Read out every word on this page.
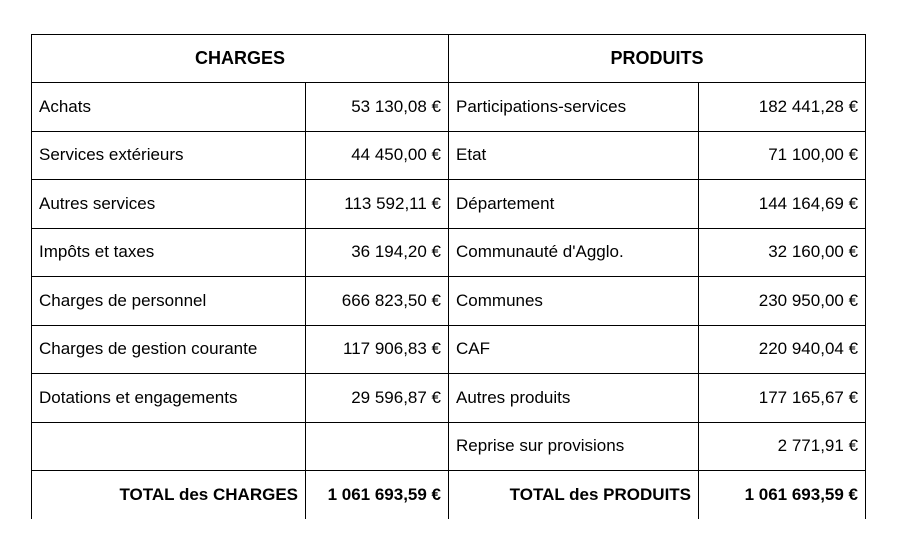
CHARGES		PRODUITS	
Achats	53 130,08 €	Participations-services	182 441,28 €
Services extérieurs	44 450,00 €	Etat	71 100,00 €
Autres services	113 592,11 €	Département	144 164,69 €
Impôts et taxes	36 194,20 €	Communauté d'Agglo.	32 160,00 €
Charges de personnel	666 823,50 €	Communes	230 950,00 €
Charges de gestion courante	117 906,83 €	CAF	220 940,04 €
Dotations et engagements	29 596,87 €	Autres produits	177 165,67 €
		Reprise sur provisions	2 771,91 €
TOTAL des CHARGES	1 061 693,59 €	TOTAL des PRODUITS	1 061 693,59 €
